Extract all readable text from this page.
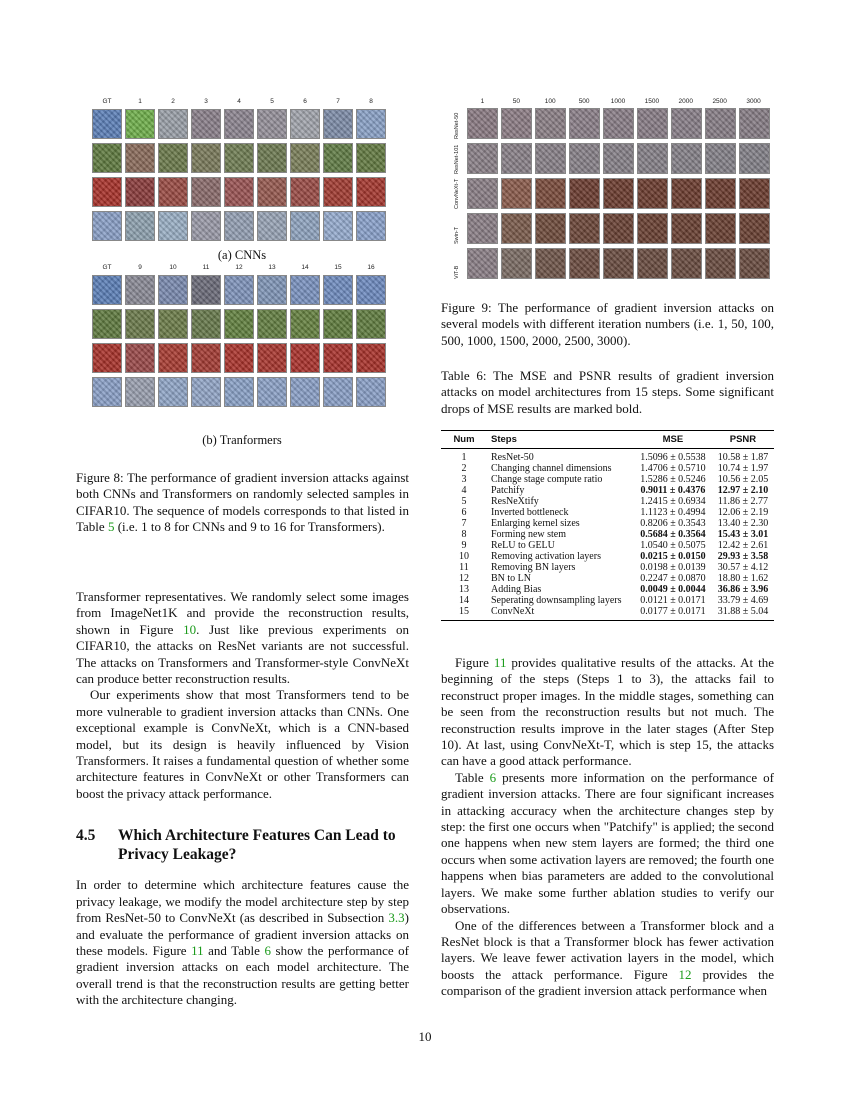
GT	1	2	3	4	5	6	7	8
(a) CNNs
GT	9	10	11	12	13	14	15	16
(b) Tranformers
Figure 8: The performance of gradient inversion attacks against both CNNs and Transformers on randomly selected samples in CIFAR10. The sequence of models corresponds to that listed in Table 5 (i.e. 1 to 8 for CNNs and 9 to 16 for Transformers).

Transformer representatives. We randomly select some images from ImageNet1K and provide the reconstruction results, shown in Figure 10. Just like previous experiments on CIFAR10, the attacks on ResNet variants are not successful. The attacks on Transformers and Transformer-style ConvNeXt can produce better reconstruction results.

Our experiments show that most Transformers tend to be more vulnerable to gradient inversion attacks than CNNs. One exceptional example is ConvNeXt, which is a CNN-based model, but its design is heavily influenced by Vision Transformers. It raises a fundamental question of whether some architecture features in ConvNeXt or other Transformers can boost the privacy attack performance.

4.5	Which Architecture Features Can Lead to Privacy Leakage?

In order to determine which architecture features cause the privacy leakage, we modify the model architecture step by step from ResNet-50 to ConvNeXt (as described in Subsection 3.3) and evaluate the performance of gradient inversion attacks on these models. Figure 11 and Table 6 show the performance of gradient inversion attacks on each model architecture. The overall trend is that the reconstruction results are getting better with the architecture changing.

1	50	100	500	1000	1500	2000	2500	3000
ResNet-50
ResNet-101
ConvNeXt-T
Swin-T
ViT-B
Figure 9: The performance of gradient inversion attacks on several models with different iteration numbers (i.e. 1, 50, 100, 500, 1000, 1500, 2000, 2500, 3000).
Table 6: The MSE and PSNR results of gradient inversion attacks on model architectures from 15 steps. Some significant drops of MSE results are marked bold.
Num	Steps	MSE	PSNR
1	ResNet-50	1.5096 ± 0.5538	10.58 ± 1.87
2	Changing channel dimensions	1.4706 ± 0.5710	10.74 ± 1.97
3	Change stage compute ratio	1.5286 ± 0.5246	10.56 ± 2.05
4	Patchify	0.9011 ± 0.4376	12.97 ± 2.10
5	ResNeXtify	1.2415 ± 0.6934	11.86 ± 2.77
6	Inverted bottleneck	1.1123 ± 0.4994	12.06 ± 2.19
7	Enlarging kernel sizes	0.8206 ± 0.3543	13.40 ± 2.30
8	Forming new stem	0.5684 ± 0.3564	15.43 ± 3.01
9	ReLU to GELU	1.0540 ± 0.5075	12.42 ± 2.61
10	Removing activation layers	0.0215 ± 0.0150	29.93 ± 3.58
11	Removing BN layers	0.0198 ± 0.0139	30.57 ± 4.12
12	BN to LN	0.2247 ± 0.0870	18.80 ± 1.62
13	Adding Bias	0.0049 ± 0.0044	36.86 ± 3.96
14	Seperating downsampling layers	0.0121 ± 0.0171	33.79 ± 4.69
15	ConvNeXt	0.0177 ± 0.0171	31.88 ± 5.04

Figure 11 provides qualitative results of the attacks. At the beginning of the steps (Steps 1 to 3), the attacks fail to reconstruct proper images. In the middle stages, something can be seen from the reconstruction results but not much. The reconstruction results improve in the later stages (After Step 10). At last, using ConvNeXt-T, which is step 15, the attacks can have a good attack performance.

Table 6 presents more information on the performance of gradient inversion attacks. There are four significant increases in attacking accuracy when the architecture changes step by step: the first one occurs when "Patchify" is applied; the second one happens when new stem layers are formed; the third one occurs when some activation layers are removed; the fourth one happens when bias parameters are added to the convolutional layers. We make some further ablation studies to verify our observations.

One of the differences between a Transformer block and a ResNet block is that a Transformer block has fewer activation layers. We leave fewer activation layers in the model, which boosts the attack performance. Figure 12 provides the comparison of the gradient inversion attack performance when

10
